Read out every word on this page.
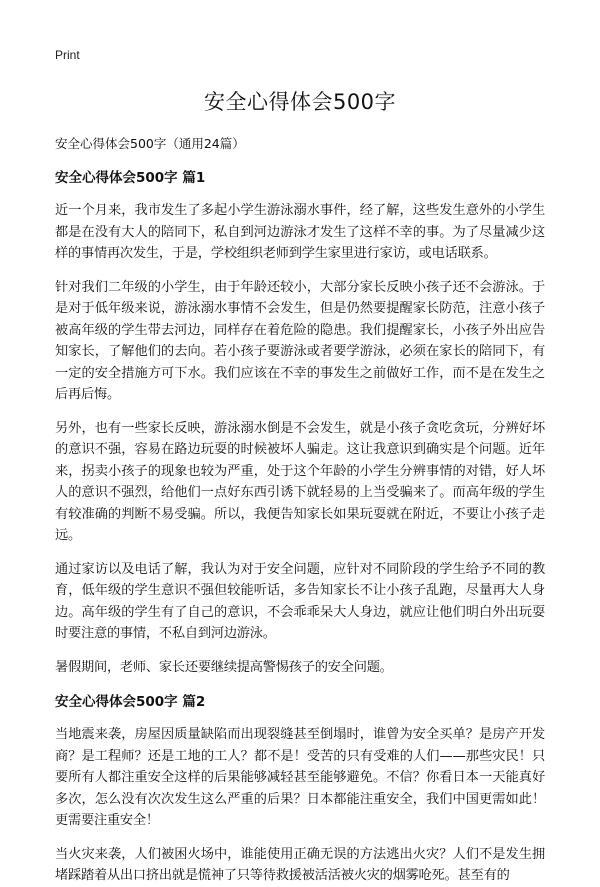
Print
安全心得体会500字
安全心得体会500字（通用24篇）
安全心得体会500字 篇1

近一个月来，我市发生了多起小学生游泳溺水事件，经了解，这些发生意外的小学生都是在没有大人的陪同下，私自到河边游泳才发生了这样不幸的事。为了尽量减少这样的事情再次发生，于是，学校组织老师到学生家里进行家访，或电话联系。

针对我们二年级的小学生，由于年龄还较小，大部分家长反映小孩子还不会游泳。于是对于低年级来说，游泳溺水事情不会发生，但是仍然要提醒家长防范，注意小孩子被高年级的学生带去河边，同样存在着危险的隐患。我们提醒家长，小孩子外出应告知家长，了解他们的去向。若小孩子要游泳或者要学游泳，必须在家长的陪同下，有一定的安全措施方可下水。我们应该在不幸的事发生之前做好工作，而不是在发生之后再后悔。

另外，也有一些家长反映，游泳溺水倒是不会发生，就是小孩子贪吃贪玩，分辨好坏的意识不强，容易在路边玩耍的时候被坏人骗走。这让我意识到确实是个问题。近年来，拐卖小孩子的现象也较为严重，处于这个年龄的小学生分辨事情的对错，好人坏人的意识不强烈，给他们一点好东西引诱下就轻易的上当受骗来了。而高年级的学生有较准确的判断不易受骗。所以，我便告知家长如果玩耍就在附近，不要让小孩子走远。

通过家访以及电话了解，我认为对于安全问题，应针对不同阶段的学生给予不同的教育，低年级的学生意识不强但较能听话，多告知家长不让小孩子乱跑，尽量再大人身边。高年级的学生有了自己的意识，不会乖乖呆大人身边，就应让他们明白外出玩耍时要注意的事情，不私自到河边游泳。

暑假期间，老师、家长还要继续提高警惕孩子的安全问题。

安全心得体会500字 篇2

当地震来袭，房屋因质量缺陷而出现裂缝甚至倒塌时，谁曾为安全买单？是房产开发商？是工程师？还是工地的工人？都不是！受苦的只有受难的人们——那些灾民！只要所有人都注重安全这样的后果能够减轻甚至能够避免。不信？你看日本一天能真好多次，怎么没有次次发生这么严重的后果？日本都能注重安全，我们中国更需如此！更需要注重安全！

当火灾来袭，人们被困火场中，谁能使用正确无误的方法逃出火灾？人们不是发生拥堵踩踏着从出口挤出就是慌神了只等待救援被活活被火灾的烟雾呛死。甚至有的
